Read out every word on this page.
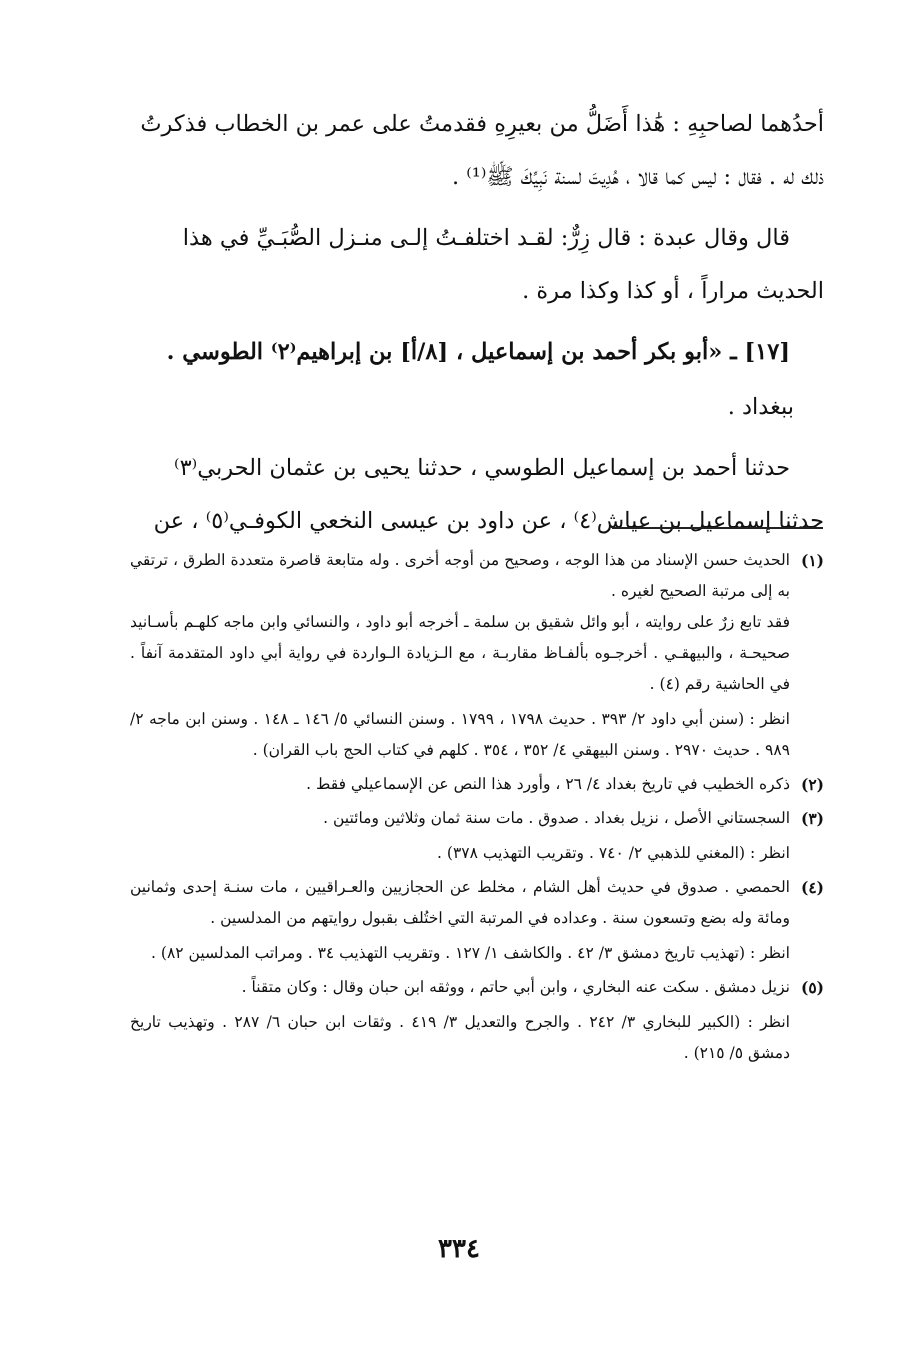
أحدُهما لصاحبِهِ : هَٰذا أَضَلُّ من بعيرِهِ فقدمتُ على عمر بن الخطاب فذكرتُ

ذلك له . فقال : ليس كما قالا ، هُدِيتَ لسنة نَبِيِّكَ ﷺ⁽¹⁾ .

قال وقال عبدة : قال زِرٌّ: لقـد اختلفـتُ إلـى منـزل الصُّبَـيِّ في هذا

الحديث مراراً ، أو كذا وكذا مرة .

[١٧] ـ «أبو بكر أحمد بن إسماعيل ، [٨/أ] بن إبراهيم⁽٢⁾ الطوسي .

ببغداد .

حدثنا أحمد بن إسماعيل الطوسي ، حدثنا يحيى بن عثمان الحربي⁽٣⁾

حدثنا إسماعيل بن عياش⁽٤⁾ ، عن داود بن عيسى النخعي الكوفـي⁽٥⁾ ، عن

(١)

الحديث حسن الإسناد من هذا الوجه ، وصحيح من أوجه أخرى . وله متابعة قاصرة متعددة الطرق ، ترتقي به إلى مرتبة الصحيح لغيره .

فقد تابع زرٌ على روايته ، أبو وائل شقيق بن سلمة ـ أخرجه أبو داود ، والنسائي وابن ماجه كلهـم بأسـانيد صحيحـة ، والبيهقـي . أخرجـوه بألفـاظ مقاربـة ، مع الـزيادة الـواردة في رواية أبي داود المتقدمة آنفاً . في الحاشية رقم (٤) .

انظر : (سنن أبي داود ٢/ ٣٩٣ . حديث ١٧٩٨ ، ١٧٩٩ . وسنن النسائي ٥/ ١٤٦ ـ ١٤٨ . وسنن ابن ماجه ٢/ ٩٨٩ . حديث ٢٩٧٠ . وسنن البيهقي ٤/ ٣٥٢ ، ٣٥٤ . كلهم في كتاب الحج باب القران) .

(٢)

ذكره الخطيب في تاريخ بغداد ٤/ ٢٦ ، وأورد هذا النص عن الإسماعيلي فقط .

(٣)

السجستاني الأصل ، نزيل بغداد . صدوق . مات سنة ثمان وثلاثين ومائتين .

انظر : (المغني للذهبي ٢/ ٧٤٠ . وتقريب التهذيب ٣٧٨) .

(٤)

الحمصي . صدوق في حديث أهل الشام ، مخلط عن الحجازيين والعـراقيين ، مات سنـة إحدى وثمانين ومائة وله بضع وتسعون سنة . وعداده في المرتبة التي اختُلف بقبول روايتهم من المدلسين .

انظر : (تهذيب تاريخ دمشق ٣/ ٤٢ . والكاشف ١/ ١٢٧ . وتقريب التهذيب ٣٤ . ومراتب المدلسين ٨٢) .

(٥)

نزيل دمشق . سكت عنه البخاري ، وابن أبي حاتم ، ووثقه ابن حبان وقال : وكان متقناً .

انظر : (الكبير للبخاري ٣/ ٢٤٢ . والجرح والتعديل ٣/ ٤١٩ . وثقات ابن حبان ٦/ ٢٨٧ . وتهذيب تاريخ دمشق ٥/ ٢١٥) .

٣٣٤
